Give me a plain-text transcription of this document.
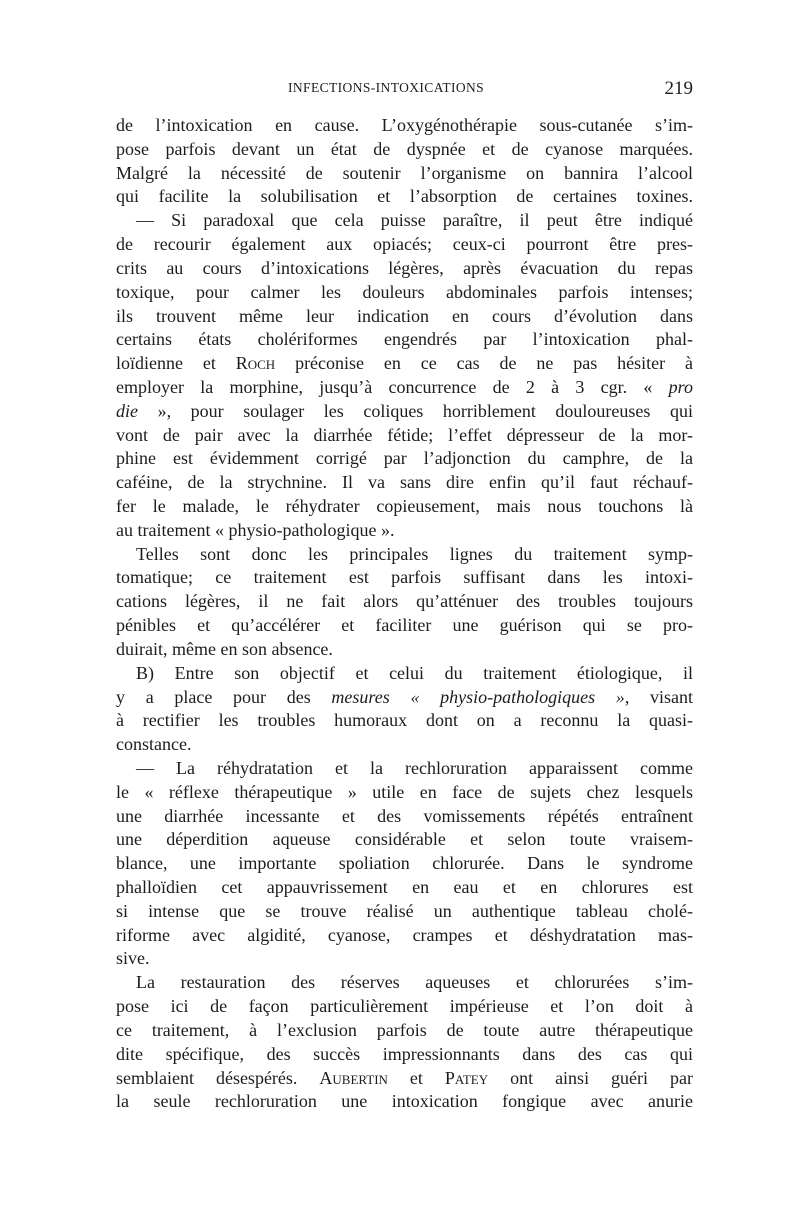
INFECTIONS-INTOXICATIONS	219
de l’intoxication en cause. L’oxygénothérapie sous-cutanée s’im-
pose parfois devant un état de dyspnée et de cyanose marquées.
Malgré la nécessité de soutenir l’organisme on bannira l’alcool
qui facilite la solubilisation et l’absorption de certaines toxines.
— Si paradoxal que cela puisse paraître, il peut être indiqué
de recourir également aux opiacés; ceux-ci pourront être pres-
crits au cours d’intoxications légères, après évacuation du repas
toxique, pour calmer les douleurs abdominales parfois intenses;
ils trouvent même leur indication en cours d’évolution dans
certains états cholériformes engendrés par l’intoxication phal-
loïdienne et Roch préconise en ce cas de ne pas hésiter à
employer la morphine, jusqu’à concurrence de 2 à 3 cgr. « pro
die », pour soulager les coliques horriblement douloureuses qui
vont de pair avec la diarrhée fétide; l’effet dépresseur de la mor-
phine est évidemment corrigé par l’adjonction du camphre, de la
caféine, de la strychnine. Il va sans dire enfin qu’il faut réchauf-
fer le malade, le réhydrater copieusement, mais nous touchons là
au traitement « physio-pathologique ».
Telles sont donc les principales lignes du traitement symp-
tomatique; ce traitement est parfois suffisant dans les intoxi-
cations légères, il ne fait alors qu’atténuer des troubles toujours
pénibles et qu’accélérer et faciliter une guérison qui se pro-
duirait, même en son absence.
B) Entre son objectif et celui du traitement étiologique, il
y a place pour des mesures « physio-pathologiques », visant
à rectifier les troubles humoraux dont on a reconnu la quasi-
constance.
— La réhydratation et la rechloruration apparaissent comme
le « réflexe thérapeutique » utile en face de sujets chez lesquels
une diarrhée incessante et des vomissements répétés entraînent
une déperdition aqueuse considérable et selon toute vraisem-
blance, une importante spoliation chlorurée. Dans le syndrome
phalloïdien cet appauvrissement en eau et en chlorures est
si intense que se trouve réalisé un authentique tableau cholé-
riforme avec algidité, cyanose, crampes et déshydratation mas-
sive.
La restauration des réserves aqueuses et chlorurées s’im-
pose ici de façon particulièrement impérieuse et l’on doit à
ce traitement, à l’exclusion parfois de toute autre thérapeutique
dite spécifique, des succès impressionnants dans des cas qui
semblaient désespérés. Aubertin et Patey ont ainsi guéri par
la seule rechloruration une intoxication fongique avec anurie
